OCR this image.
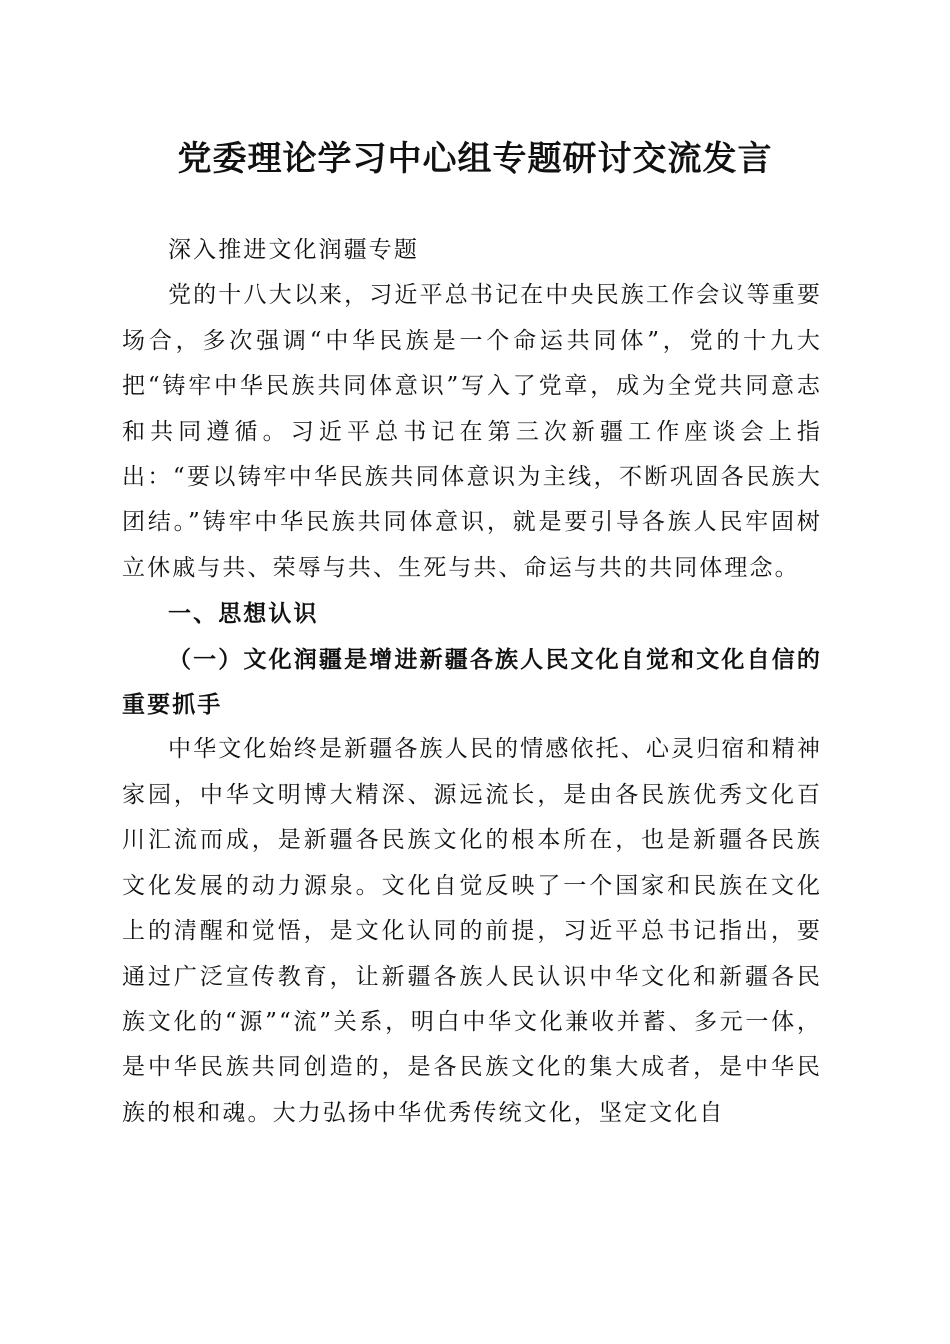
党委理论学习中心组专题研讨交流发言

深入推进文化润疆专题

党的十八大以来，习近平总书记在中央民族工作会议等重要场合，多次强调“中华民族是一个命运共同体”，党的十九大把“铸牢中华民族共同体意识”写入了党章，成为全党共同意志和共同遵循。习近平总书记在第三次新疆工作座谈会上指出：“要以铸牢中华民族共同体意识为主线，不断巩固各民族大团结。”铸牢中华民族共同体意识，就是要引导各族人民牢固树立休戚与共、荣辱与共、生死与共、命运与共的共同体理念。

一、思想认识

（一）文化润疆是增进新疆各族人民文化自觉和文化自信的重要抓手

中华文化始终是新疆各族人民的情感依托、心灵归宿和精神家园，中华文明博大精深、源远流长，是由各民族优秀文化百川汇流而成，是新疆各民族文化的根本所在，也是新疆各民族文化发展的动力源泉。文化自觉反映了一个国家和民族在文化上的清醒和觉悟，是文化认同的前提，习近平总书记指出，要通过广泛宣传教育，让新疆各族人民认识中华文化和新疆各民族文化的“源”“流”关系，明白中华文化兼收并蓄、多元一体，是中华民族共同创造的，是各民族文化的集大成者，是中华民族的根和魂。大力弘扬中华优秀传统文化，坚定文化自
